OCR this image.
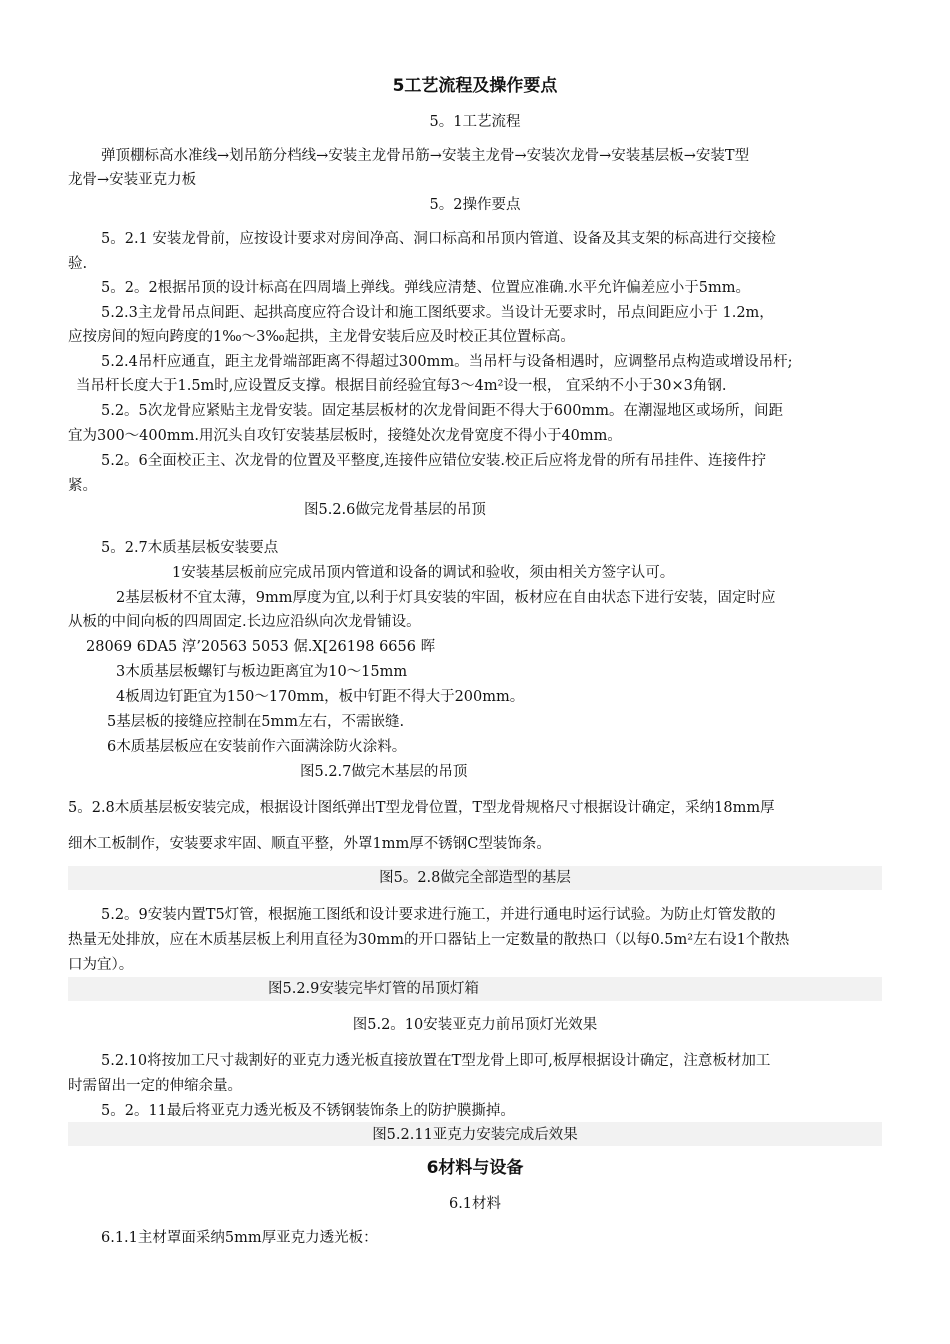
5工艺流程及操作要点
5。1工艺流程
弹顶棚标高水准线→划吊筋分档线→安装主龙骨吊筋→安装主龙骨→安装次龙骨→安装基层板→安装T型
龙骨→安装亚克力板
5。2操作要点
5。2.1 安装龙骨前，应按设计要求对房间净高、洞口标高和吊顶内管道、设备及其支架的标高进行交接检
验.
5。2。2根据吊顶的设计标高在四周墙上弹线。弹线应清楚、位置应准确.水平允许偏差应小于5mm。
5.2.3主龙骨吊点间距、起拱高度应符合设计和施工图纸要求。当设计无要求时，吊点间距应小于 1.2m，
应按房间的短向跨度的1‰～3‰起拱，主龙骨安装后应及时校正其位置标高。
5.2.4吊杆应通直，距主龙骨端部距离不得超过300mm。当吊杆与设备相遇时，应调整吊点构造或增设吊杆;
当吊杆长度大于1.5m时,应设置反支撑。根据目前经验宜每3～4m²设一根， 宜采纳不小于30×3角钢.
5.2。5次龙骨应紧贴主龙骨安装。固定基层板材的次龙骨间距不得大于600mm。在潮湿地区或场所，间距
宜为300～400mm.用沉头自攻钉安装基层板时，接缝处次龙骨宽度不得小于40mm。
5.2。6全面校正主、次龙骨的位置及平整度,连接件应错位安装.校正后应将龙骨的所有吊挂件、连接件拧
紧。
图5.2.6做完龙骨基层的吊顶
5。2.7木质基层板安装要点
1安装基层板前应完成吊顶内管道和设备的调试和验收，须由相关方签字认可。
2基层板材不宜太薄，9mm厚度为宜,以利于灯具安装的牢固，板材应在自由状态下进行安装，固定时应
从板的中间向板的四周固定.长边应沿纵向次龙骨铺设。
28069 6DA5 淳’20563 5053 倨.X[26198 6656 晖
3木质基层板螺钉与板边距离宜为10～15mm
4板周边钉距宜为150～170mm，板中钉距不得大于200mm。
5基层板的接缝应控制在5mm左右，不需嵌缝.
6木质基层板应在安装前作六面满涂防火涂料。
图5.2.7做完木基层的吊顶
5。2.8木质基层板安装完成，根据设计图纸弹出T型龙骨位置，T型龙骨规格尺寸根据设计确定，采纳18mm厚
细木工板制作，安装要求牢固、顺直平整，外罩1mm厚不锈钢C型装饰条。
图5。2.8做完全部造型的基层
5.2。9安装内置T5灯管，根据施工图纸和设计要求进行施工，并进行通电时运行试验。为防止灯管发散的
热量无处排放，应在木质基层板上利用直径为30mm的开口器钻上一定数量的散热口（以每0.5m²左右设1个散热
口为宜）。
图5.2.9安装完毕灯管的吊顶灯箱
图5.2。10安装亚克力前吊顶灯光效果
5.2.10将按加工尺寸裁割好的亚克力透光板直接放置在T型龙骨上即可,板厚根据设计确定，注意板材加工
时需留出一定的伸缩余量。
5。2。11最后将亚克力透光板及不锈钢装饰条上的防护膜撕掉。
图5.2.11亚克力安装完成后效果
6材料与设备
6.1材料
6.1.1主材罩面采纳5mm厚亚克力透光板：
